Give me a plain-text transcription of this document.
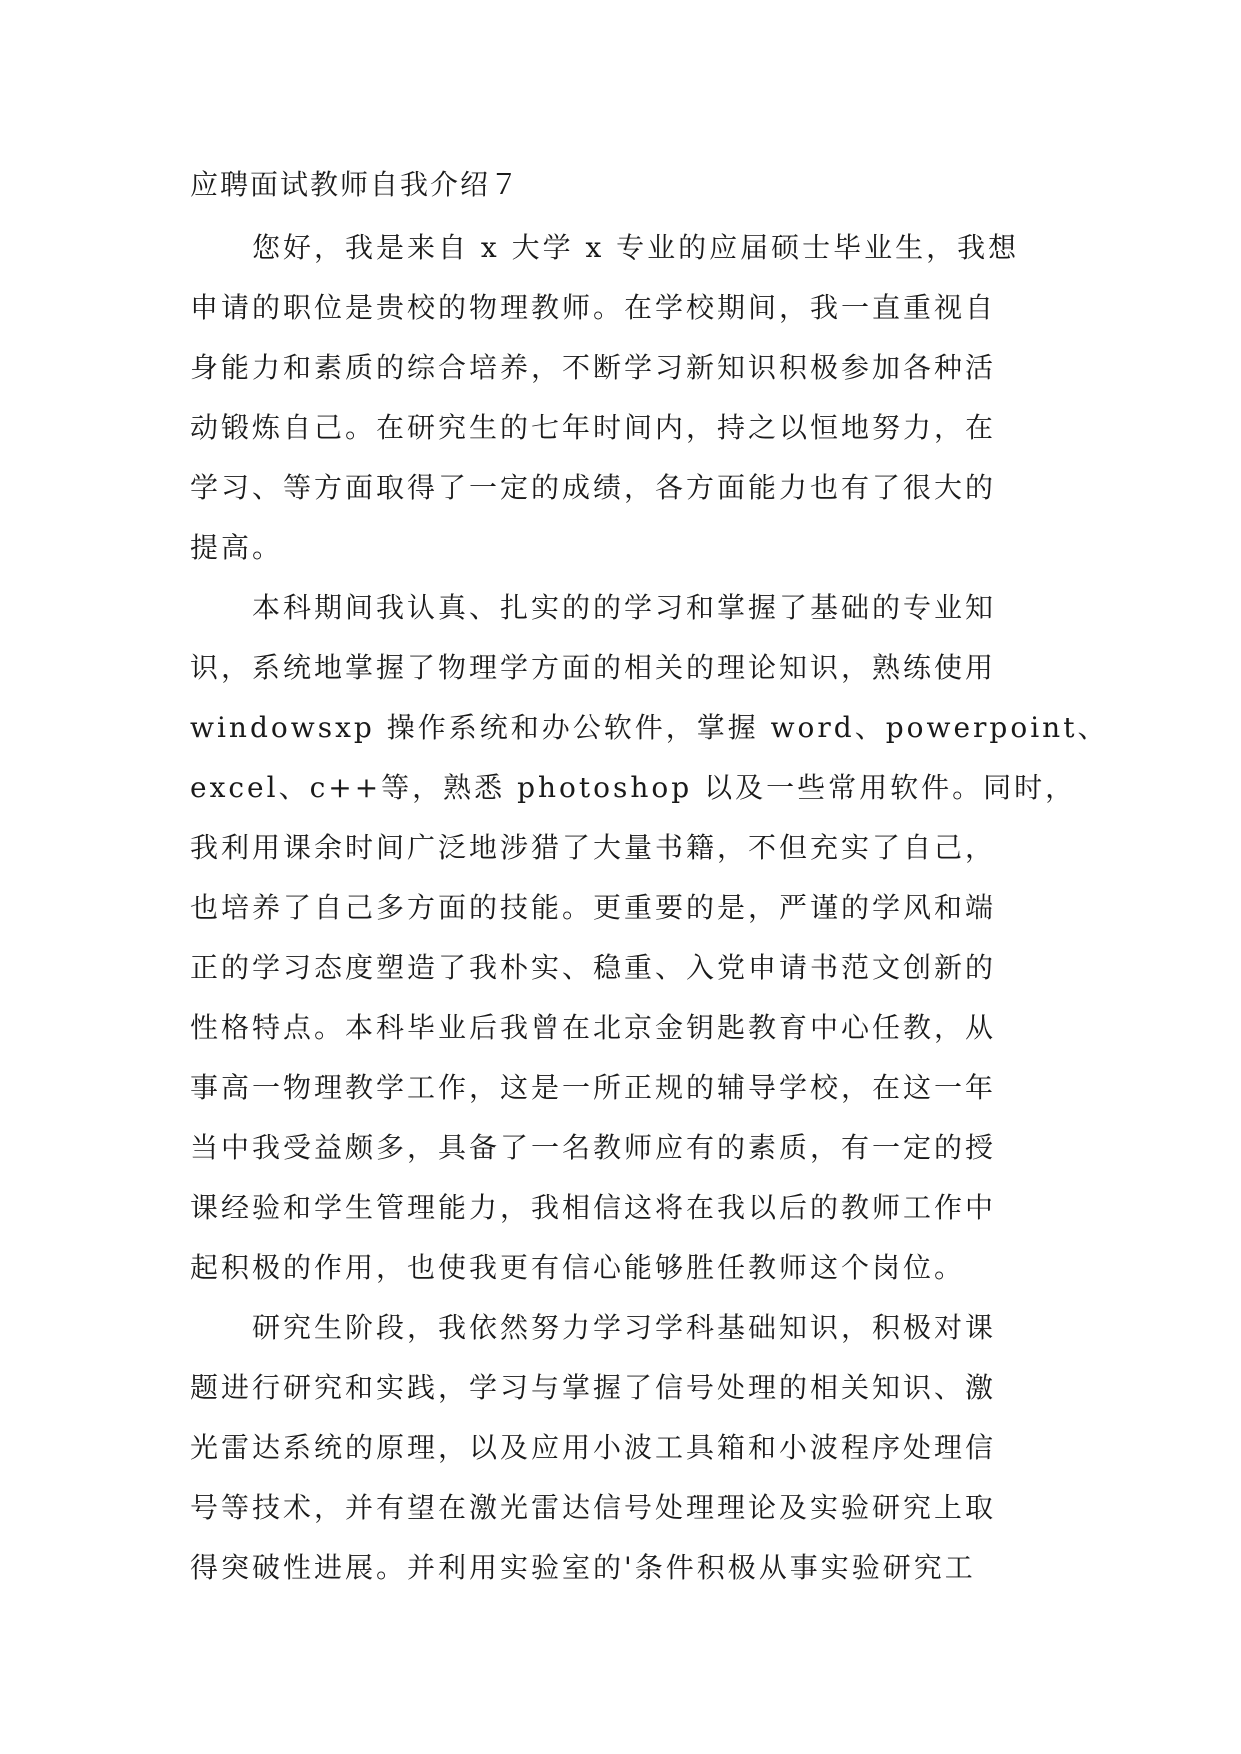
应聘面试教师自我介绍７

您好，我是来自 x 大学 x 专业的应届硕士毕业生，我想
申请的职位是贵校的物理教师。在学校期间，我一直重视自
身能力和素质的综合培养，不断学习新知识积极参加各种活
动锻炼自己。在研究生的七年时间内，持之以恒地努力，在
学习、等方面取得了一定的成绩，各方面能力也有了很大的
提高。

本科期间我认真、扎实的的学习和掌握了基础的专业知
识，系统地掌握了物理学方面的相关的理论知识，熟练使用
windowsxp 操作系统和办公软件，掌握 word、powerpoint、
excel、c++等，熟悉 photoshop 以及一些常用软件。同时，
我利用课余时间广泛地涉猎了大量书籍，不但充实了自己，
也培养了自己多方面的技能。更重要的是，严谨的学风和端
正的学习态度塑造了我朴实、稳重、入党申请书范文创新的
性格特点。本科毕业后我曾在北京金钥匙教育中心任教，从
事高一物理教学工作，这是一所正规的辅导学校，在这一年
当中我受益颇多，具备了一名教师应有的素质，有一定的授
课经验和学生管理能力，我相信这将在我以后的教师工作中
起积极的作用，也使我更有信心能够胜任教师这个岗位。

研究生阶段，我依然努力学习学科基础知识，积极对课
题进行研究和实践，学习与掌握了信号处理的相关知识、激
光雷达系统的原理，以及应用小波工具箱和小波程序处理信
号等技术，并有望在激光雷达信号处理理论及实验研究上取
得突破性进展。并利用实验室的'条件积极从事实验研究工
